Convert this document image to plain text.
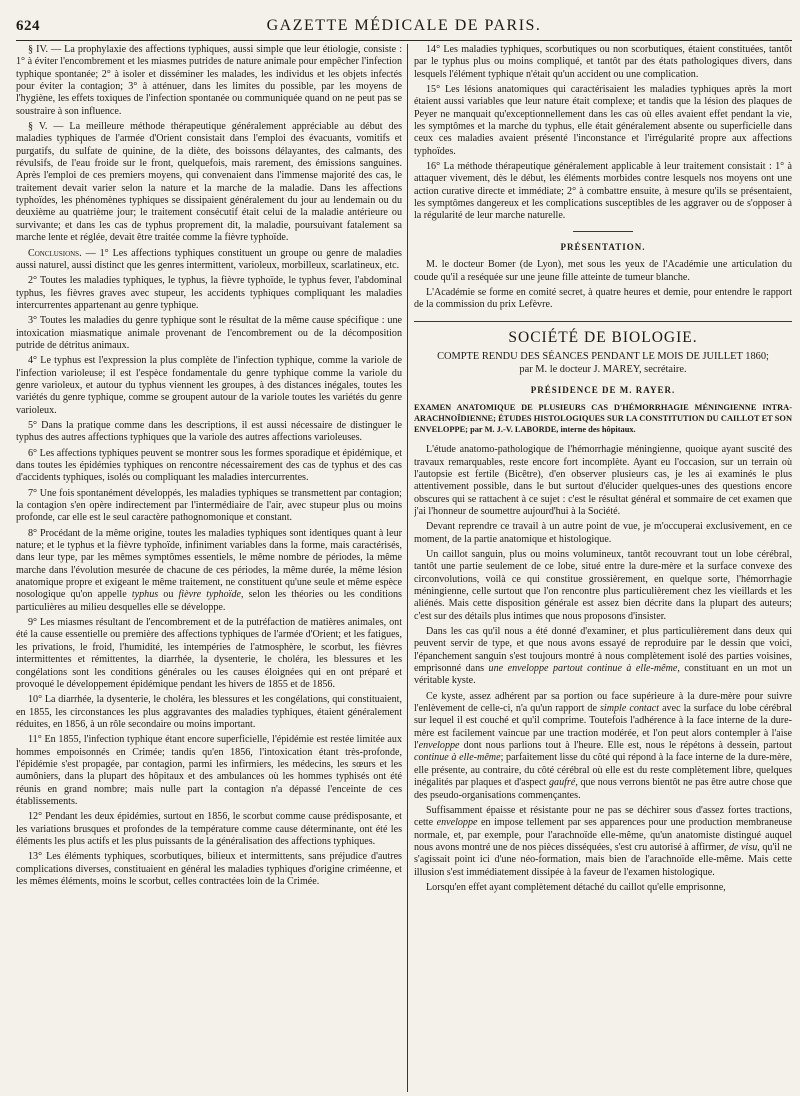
624	GAZETTE MÉDICALE DE PARIS.

§ IV. — La prophylaxie des affections typhiques, aussi simple que leur étiologie, consiste : 1° à éviter l'encombrement et les miasmes putrides de nature animale pour empêcher l'infection typhique spontanée; 2° à isoler et disséminer les malades, les individus et les objets infectés pour éviter la contagion; 3° à atténuer, dans les limites du possible, par les moyens de l'hygiène, les effets toxiques de l'infection spontanée ou communiquée quand on ne peut pas se soustraire à son influence.

§ V. — La meilleure méthode thérapeutique généralement appréciable au début des maladies typhiques de l'armée d'Orient consistait dans l'emploi des évacuants, vomitifs et purgatifs, du sulfate de quinine, de la diète, des boissons délayantes, des calmants, des révulsifs, de l'eau froide sur le front, quelquefois, mais rarement, des émissions sanguines. Après l'emploi de ces premiers moyens, qui convenaient dans l'immense majorité des cas, le traitement devait varier selon la nature et la marche de la maladie. Dans les affections typhoïdes, les phénomènes typhiques se dissipaient généralement du jour au lendemain ou du deuxième au quatrième jour; le traitement consécutif était celui de la maladie antérieure ou survivante; et dans les cas de typhus proprement dit, la maladie, poursuivant fatalement sa marche lente et réglée, devait être traitée comme la fièvre typhoïde.

Conclusions. — 1° Les affections typhiques constituent un groupe ou genre de maladies aussi naturel, aussi distinct que les genres intermittent, varioleux, morbilleux, scarlatineux, etc.

2° Toutes les maladies typhiques, le typhus, la fièvre typhoïde, le typhus fever, l'abdominal typhus, les fièvres graves avec stupeur, les accidents typhiques compliquant les maladies intercurrentes appartenant au genre typhique.

3° Toutes les maladies du genre typhique sont le résultat de la même cause spécifique : une intoxication miasmatique animale provenant de l'encombrement ou de la décomposition putride de détritus animaux.

4° Le typhus est l'expression la plus complète de l'infection typhique, comme la variole de l'infection varioleuse; il est l'espèce fondamentale du genre typhique comme la variole du genre varioleux, et autour du typhus viennent les groupes, à des distances inégales, toutes les variétés du genre typhique, comme se groupent autour de la variole toutes les variétés du genre varioleux.

5° Dans la pratique comme dans les descriptions, il est aussi nécessaire de distinguer le typhus des autres affections typhiques que la variole des autres affections varioleuses.

6° Les affections typhiques peuvent se montrer sous les formes sporadique et épidémique, et dans toutes les épidémies typhiques on rencontre nécessairement des cas de typhus et des cas d'accidents typhiques, isolés ou compliquant les maladies intercurrentes.

7° Une fois spontanément développés, les maladies typhiques se transmettent par contagion; la contagion s'en opère indirectement par l'intermédiaire de l'air, avec stupeur plus ou moins profonde, car elle est le seul caractère pathognomonique et constant.

8° Procédant de la même origine, toutes les maladies typhiques sont identiques quant à leur nature; et le typhus et la fièvre typhoïde, infiniment variables dans la forme, mais caractérisés, dans leur type, par les mêmes symptômes essentiels, le même nombre de périodes, la même marche dans l'évolution mesurée de chacune de ces périodes, la même durée, la même lésion anatomique propre et exigeant le même traitement, ne constituent qu'une seule et même espèce nosologique qu'on appelle typhus ou fièvre typhoïde, selon les théories ou les conditions particulières au milieu desquelles elle se développe.

9° Les miasmes résultant de l'encombrement et de la putréfaction de matières animales, ont été la cause essentielle ou première des affections typhiques de l'armée d'Orient; et les fatigues, les privations, le froid, l'humidité, les intempéries de l'atmosphère, le scorbut, les fièvres intermittentes et rémittentes, la diarrhée, la dysenterie, le choléra, les blessures et les congélations sont les conditions générales ou les causes éloignées qui en ont préparé et provoqué le développement épidémique pendant les hivers de 1855 et de 1856.

10° La diarrhée, la dysenterie, le choléra, les blessures et les congélations, qui constituaient, en 1855, les circonstances les plus aggravantes des maladies typhiques, étaient généralement réduites, en 1856, à un rôle secondaire ou moins important.

11° En 1855, l'infection typhique étant encore superficielle, l'épidémie est restée limitée aux hommes empoisonnés en Crimée; tandis qu'en 1856, l'intoxication étant très-profonde, l'épidémie s'est propagée, par contagion, parmi les infirmiers, les médecins, les sœurs et les aumôniers, dans la plupart des hôpitaux et des ambulances où les hommes typhisés ont été réunis en grand nombre; mais nulle part la contagion n'a dépassé l'enceinte de ces établissements.

12° Pendant les deux épidémies, surtout en 1856, le scorbut comme cause prédisposante, et les variations brusques et profondes de la température comme cause déterminante, ont été les éléments les plus actifs et les plus puissants de la généralisation des affections typhiques.

13° Les éléments typhiques, scorbutiques, bilieux et intermittents, sans préjudice d'autres complications diverses, constituaient en général les maladies typhiques d'origine criméenne, et les mêmes éléments, moins le scorbut, celles contractées loin de la Crimée.

14° Les maladies typhiques, scorbutiques ou non scorbutiques, étaient constituées, tantôt par le typhus plus ou moins compliqué, et tantôt par des états pathologiques divers, dans lesquels l'élément typhique n'était qu'un accident ou une complication.

15° Les lésions anatomiques qui caractérisaient les maladies typhiques après la mort étaient aussi variables que leur nature était complexe; et tandis que la lésion des plaques de Peyer ne manquait qu'exceptionnellement dans les cas où elles avaient effet pendant la vie, les symptômes et la marche du typhus, elle était généralement absente ou superficielle dans ceux ces maladies avaient présenté l'inconstance et l'irrégularité propre aux affections typhoïdes.

16° La méthode thérapeutique généralement applicable à leur traitement consistait : 1° à attaquer vivement, dès le début, les éléments morbides contre lesquels nos moyens ont une action curative directe et immédiate; 2° à combattre ensuite, à mesure qu'ils se présentaient, les symptômes dangereux et les complications susceptibles de les aggraver ou de s'opposer à la régularité de leur marche naturelle.

PRÉSENTATION.

M. le docteur Bomer (de Lyon), met sous les yeux de l'Académie une articulation du coude qu'il a reséquée sur une jeune fille atteinte de tumeur blanche.

L'Académie se forme en comité secret, à quatre heures et demie, pour entendre le rapport de la commission du prix Lefèvre.

SOCIÉTÉ DE BIOLOGIE.

COMPTE RENDU DES SÉANCES PENDANT LE MOIS DE JUILLET 1860;
par M. le docteur J. MAREY, secrétaire.

PRÉSIDENCE DE M. RAYER.

EXAMEN ANATOMIQUE DE PLUSIEURS CAS D'HÉMORRHAGIE MÉNINGIENNE INTRA-ARACHNOÏDIENNE; ÉTUDES HISTOLOGIQUES SUR LA CONSTITUTION DU CAILLOT ET SON ENVELOPPE; par M. J.-V. LABORDE, interne des hôpitaux.

L'étude anatomo-pathologique de l'hémorrhagie méningienne, quoique ayant suscité des travaux remarquables, reste encore fort incomplète. Ayant eu l'occasion, sur un terrain où l'autopsie est fertile (Bicêtre), d'en observer plusieurs cas, je les ai examinés le plus attentivement possible, dans le but surtout d'élucider quelques-unes des questions encore obscures qui se rattachent à ce sujet : c'est le résultat général et sommaire de cet examen que j'ai l'honneur de soumettre aujourd'hui à la Société.

Devant reprendre ce travail à un autre point de vue, je m'occuperai exclusivement, en ce moment, de la partie anatomique et histologique.

Un caillot sanguin, plus ou moins volumineux, tantôt recouvrant tout un lobe cérébral, tantôt une partie seulement de ce lobe, situé entre la dure-mère et la surface convexe des circonvolutions, voilà ce qui constitue grossièrement, en quelque sorte, l'hémorrhagie méningienne, celle surtout que l'on rencontre plus particulièrement chez les vieillards et les aliénés. Mais cette disposition générale est assez bien décrite dans la plupart des auteurs; c'est sur des détails plus intimes que nous proposons d'insister.

Dans les cas qu'il nous a été donné d'examiner, et plus particulièrement dans deux qui peuvent servir de type, et que nous avons essayé de reproduire par le dessin que voici, l'épanchement sanguin s'est toujours montré à nous complètement isolé des parties voisines, emprisonné dans une enveloppe partout continue à elle-même, constituant en un mot un véritable kyste.

Ce kyste, assez adhérent par sa portion ou face supérieure à la dure-mère pour suivre l'enlèvement de celle-ci, n'a qu'un rapport de simple contact avec la surface du lobe cérébral sur lequel il est couché et qu'il comprime. Toutefois l'adhérence à la face interne de la dure-mère est facilement vaincue par une traction modérée, et l'on peut alors contempler à l'aise l'enveloppe dont nous parlions tout à l'heure. Elle est, nous le répétons à dessein, partout continue à elle-même; parfaitement lisse du côté qui répond à la face interne de la dure-mère, elle présente, au contraire, du côté cérébral où elle est du reste complètement libre, quelques inégalités par plaques et d'aspect gaufré, que nous verrons bientôt ne pas être autre chose que des pseudo-organisations commençantes.

Suffisamment épaisse et résistante pour ne pas se déchirer sous d'assez fortes tractions, cette enveloppe en impose tellement par ses apparences pour une production membraneuse normale, et, par exemple, pour l'arachnoïde elle-même, qu'un anatomiste distingué auquel nous avons montré une de nos pièces disséquées, s'est cru autorisé à affirmer, de visu, qu'il ne s'agissait point ici d'une néo-formation, mais bien de l'arachnoïde elle-même. Mais cette illusion s'est immédiatement dissipée à la faveur de l'examen histologique.

Lorsqu'en effet ayant complètement détaché du caillot qu'elle emprisonne,
